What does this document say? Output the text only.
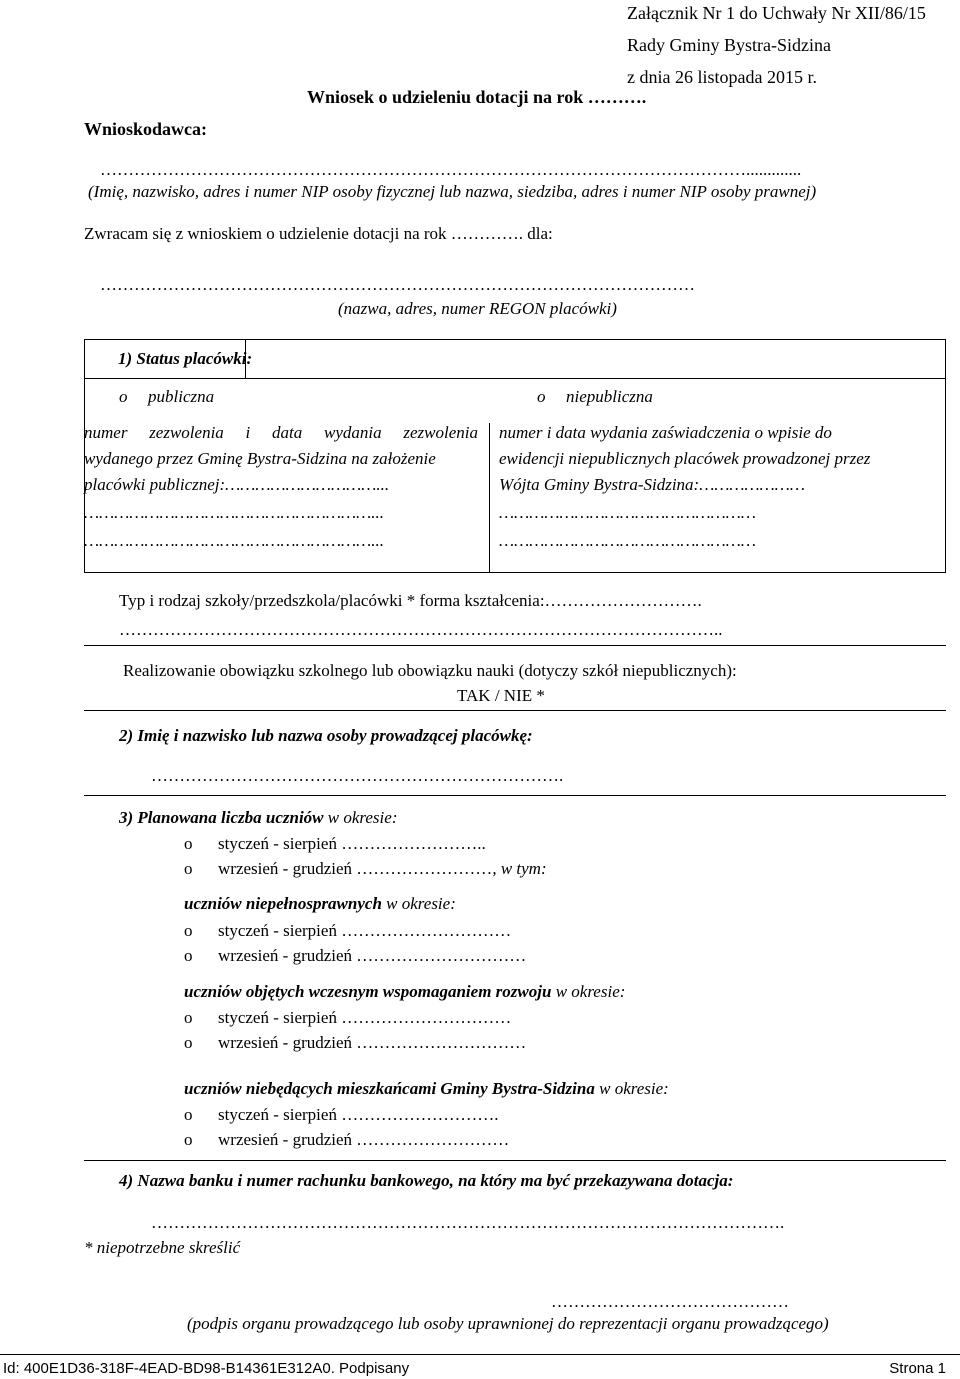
Załącznik Nr 1 do Uchwały Nr XII/86/15
Rady Gminy Bystra-Sidzina
z dnia 26 listopada 2015 r.
Wniosek o udzieleniu dotacji na rok ……….
Wnioskodawca:
…………………………………………………………………………………………………….............
(Imię, nazwisko, adres i numer NIP osoby fizycznej lub nazwa, siedziba, adres i numer NIP osoby prawnej)
Zwracam się z wnioskiem o udzielenie dotacji na rok …………. dla:
……………………………………………………………………………………………
(nazwa, adres, numer REGON placówki)
1) Status placówki:
o publiczna
numer zezwolenia i data wydania zezwolenia
wydanego przez Gminę Bystra-Sidzina na założenie
placówki publicznej:…………………………...
…………………………………………………...
…………………………………………………...
o niepubliczna
numer i data wydania zaświadczenia o wpisie do
ewidencji niepublicznych placówek prowadzonej przez
Wójta Gminy Bystra-Sidzina:…………………
……………………………………………
……………………………………………
Typ i rodzaj szkoły/przedszkola/placówki * forma kształcenia:……………………….
……………………………………………………………………………………………..
Realizowanie obowiązku szkolnego lub obowiązku nauki (dotyczy szkół niepublicznych):
TAK / NIE *
2) Imię i nazwisko lub nazwa osoby prowadzącej placówkę:
……………………………………………………………….
3) Planowana liczba uczniów w okresie:
o styczeń - sierpień ……………………..
o wrzesień - grudzień ……………………, w tym:
uczniów niepełnosprawnych w okresie:
o styczeń - sierpień …………………………
o wrzesień - grudzień …………………………
uczniów objętych wczesnym wspomaganiem rozwoju w okresie:
o styczeń - sierpień …………………………
o wrzesień - grudzień …………………………
uczniów niebędących mieszkańcami Gminy Bystra-Sidzina w okresie:
o styczeń - sierpień ……………………….
o wrzesień - grudzień ………………………
4) Nazwa banku i numer rachunku bankowego, na który ma być przekazywana dotacja:
………………………………………………………………………………………………….
* niepotrzebne skreślić
……………………………………
(podpis organu prowadzącego lub osoby uprawnionej do reprezentacji organu prowadzącego)
Id: 400E1D36-318F-4EAD-BD98-B14361E312A0. Podpisany	Strona 1
